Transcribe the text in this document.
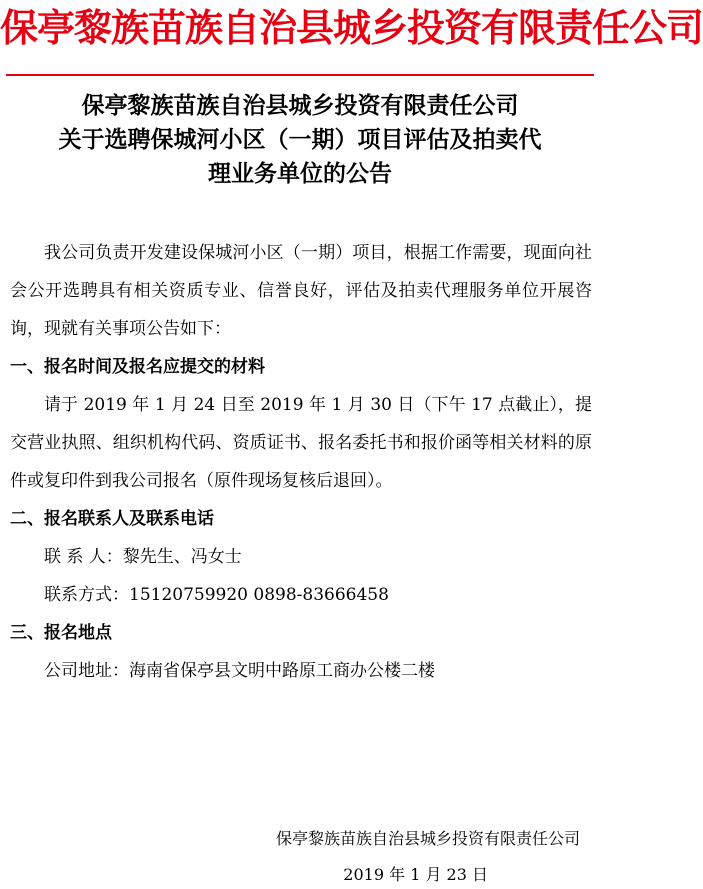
保亭黎族苗族自治县城乡投资有限责任公司
保亭黎族苗族自治县城乡投资有限责任公司
关于选聘保城河小区（一期）项目评估及拍卖代
理业务单位的公告
我公司负责开发建设保城河小区（一期）项目，根据工作需要，现面向社会公开选聘具有相关资质专业、信誉良好，评估及拍卖代理服务单位开展咨询，现就有关事项公告如下：
一、报名时间及报名应提交的材料
请于 2019 年 1 月 24 日至 2019 年 1 月 30 日（下午 17 点截止），提交营业执照、组织机构代码、资质证书、报名委托书和报价函等相关材料的原件或复印件到我公司报名（原件现场复核后退回）。
二、报名联系人及联系电话
联 系 人：黎先生、冯女士
联系方式：15120759920 0898-83666458
三、报名地点
公司地址：海南省保亭县文明中路原工商办公楼二楼
保亭黎族苗族自治县城乡投资有限责任公司
2019 年 1 月 23 日
